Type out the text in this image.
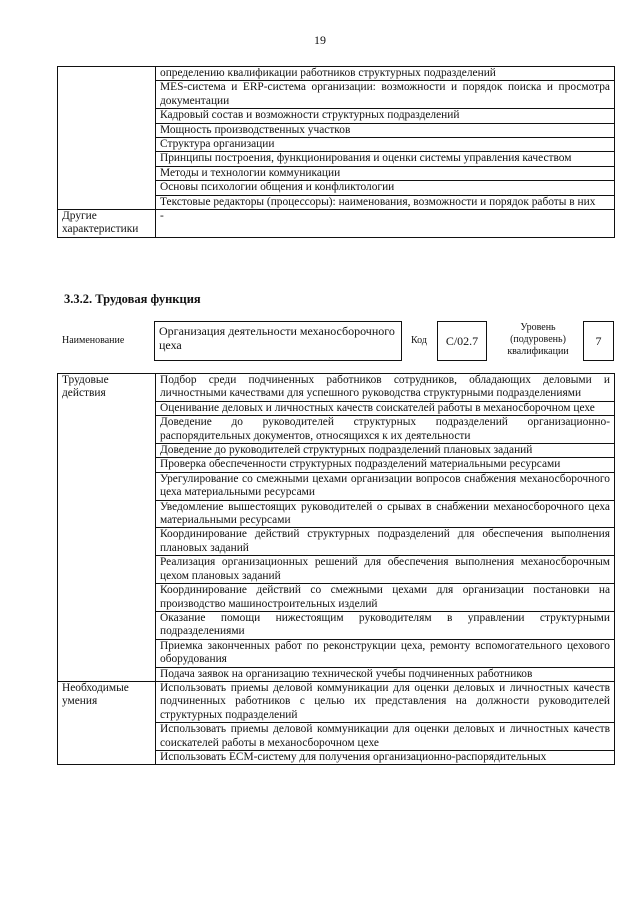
19
	определению квалификации работников структурных подразделений
	MES-система и ERP-система организации: возможности и порядок поиска и просмотра документации
	Кадровый состав и возможности структурных подразделений
	Мощность производственных участков
	Структура организации
	Принципы построения, функционирования и оценки системы управления качеством
	Методы и технологии коммуникации
	Основы психологии общения и конфликтологии
	Текстовые редакторы (процессоры): наименования, возможности и порядок работы в них
Другие характеристики	-
3.3.2. Трудовая функция
Наименование
Организация деятельности механосборочного цеха	Код С/02.7
Уровень (подуровень) квалификации
7
Трудовые действия	Подбор среди подчиненных работников сотрудников, обладающих деловыми и личностными качествами для успешного руководства структурными подразделениями
	Оценивание деловых и личностных качеств соискателей работы в механосборочном цехе
	Доведение до руководителей структурных подразделений организационно-распорядительных документов, относящихся к их деятельности
	Доведение до руководителей структурных подразделений плановых заданий
	Проверка обеспеченности структурных подразделений материальными ресурсами
	Урегулирование со смежными цехами организации вопросов снабжения механосборочного цеха материальными ресурсами
	Уведомление вышестоящих руководителей о срывах в снабжении механосборочного цеха материальными ресурсами
	Координирование действий структурных подразделений для обеспечения выполнения плановых заданий
	Реализация организационных решений для обеспечения выполнения механосборочным цехом плановых заданий
	Координирование действий со смежными цехами для организации постановки на производство машиностроительных изделий
	Оказание помощи нижестоящим руководителям в управлении структурными подразделениями
	Приемка законченных работ по реконструкции цеха, ремонту вспомогательного цехового оборудования
	Подача заявок на организацию технической учебы подчиненных работников
Необходимые умения	Использовать приемы деловой коммуникации для оценки деловых и личностных качеств подчиненных работников с целью их представления на должности руководителей структурных подразделений
	Использовать приемы деловой коммуникации для оценки деловых и личностных качеств соискателей работы в механосборочном цехе
	Использовать ECM-систему для получения организационно-распорядительных
